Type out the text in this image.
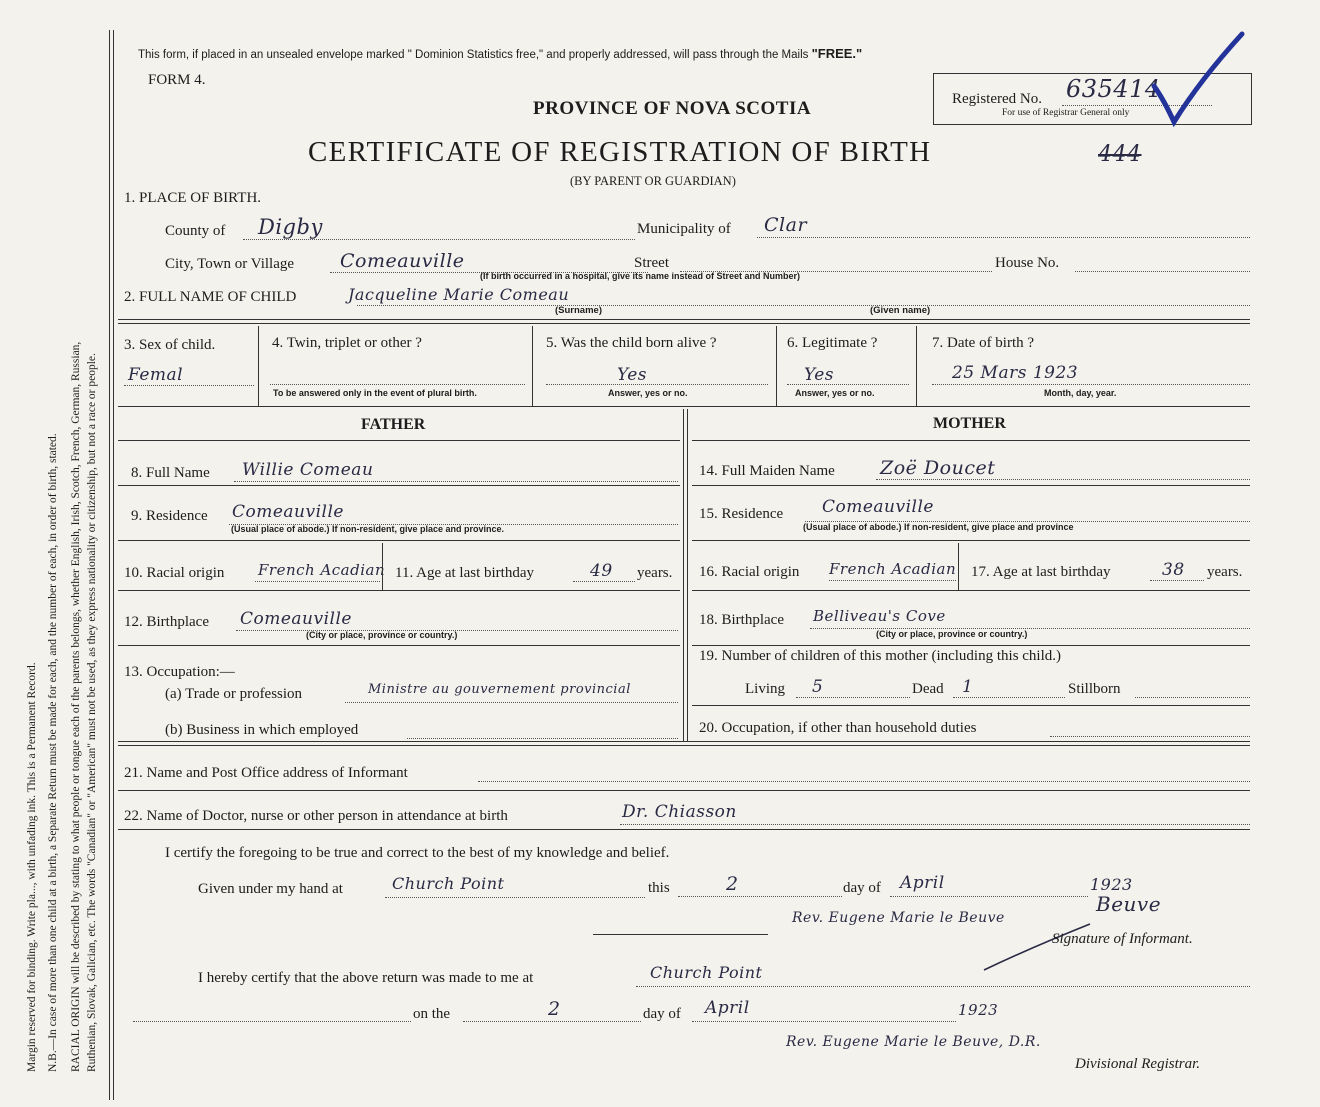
Margin reserved for binding. Write pla..., with unfading ink. This is a Permanent Record. N.B.—In case of more than one child at a birth, a Separate Return must be made for each, and the number of each, in order of birth, stated. RACIAL ORIGIN will be described by stating to what people or tongue each of the parents belongs, whether English, Irish, Scotch, French, German, Russian, Ruthenian, Slovak, Galician, etc. The words "Canadian" or "American" must not be used, as they express nationality or citizenship, but not a race or people.
This form, if placed in an unsealed envelope marked " Dominion Statistics free," and properly addressed, will pass through the Mails "FREE."
FORM 4.
PROVINCE OF NOVA SCOTIA	Registered No. 635414
For use of Registrar General only
CERTIFICATE OF REGISTRATION OF BIRTH	444
(BY PARENT OR GUARDIAN)
1. PLACE OF BIRTH.
County of Digby	Municipality of Clar
City, Town or Village Comeauville	Street	House No.
(If birth occurred in a hospital, give its name instead of Street and Number)
2. FULL NAME OF CHILD	Jacqueline Marie Comeau
(Surname)	(Given name)
3. Sex of child.
Femal
4. Twin, triplet or other ?
To be answered only in the event of plural birth.
5. Was the child born alive ?
Yes
Answer, yes or no.
6. Legitimate ?
Yes
Answer, yes or no.
7. Date of birth ?
25 Mars 1923
Month, day, year.
FATHER	MOTHER
8. Full Name Willie Comeau	14. Full Maiden Name Zoë Doucet
9. Residence Comeauville
(Usual place of abode.) If non-resident, give place and province.
15. Residence Comeauville
(Usual place of abode.) If non-resident, give place and province
10. Racial origin French Acadian 11. Age at last birthday	49 years. 16. Racial origin French Acadian 17. Age at last birthday	38 years.
12. Birthplace Comeauville
(City or place, province or country.)
18. Birthplace Belliveau's Cove
(City or place, province or country.)
13. Occupation:—
(a) Trade or profession	Ministre au gouvernement provincial
(b) Business in which employed
19. Number of children of this mother (including this child.)
Living 5	Dead 1	Stillborn
20. Occupation, if other than household duties
21. Name and Post Office address of Informant
22. Name of Doctor, nurse or other person in attendance at birth	Dr. Chiasson
I certify the foregoing to be true and correct to the best of my knowledge and belief.
Given under my hand at	Church Point	this	2	day of April	1923
Rev. Eugene Marie le Beuve
Beuve
Signature of Informant.
I hereby certify that the above return was made to me at	Church Point
on the	2	day of April	1923
Rev. Eugene Marie le Beuve, D.R.
Divisional Registrar.
